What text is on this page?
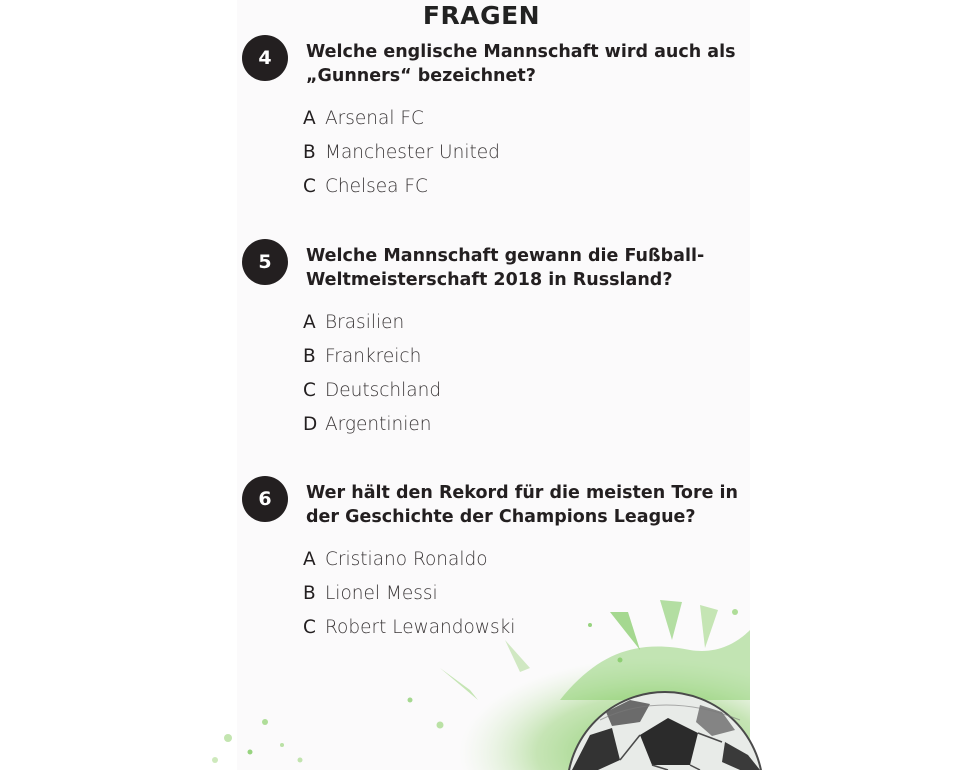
FRAGEN
4	Welche englische Mannschaft wird auch als „Gunners“ bezeichnet?
A Arsenal FC
B Manchester United
C Chelsea FC
5	Welche Mannschaft gewann die Fußball-Weltmeisterschaft 2018 in Russland?
A Brasilien
B Frankreich
C Deutschland
D Argentinien
6	Wer hält den Rekord für die meisten Tore in der Geschichte der Champions League?
A Cristiano Ronaldo
B Lionel Messi
C Robert Lewandowski
